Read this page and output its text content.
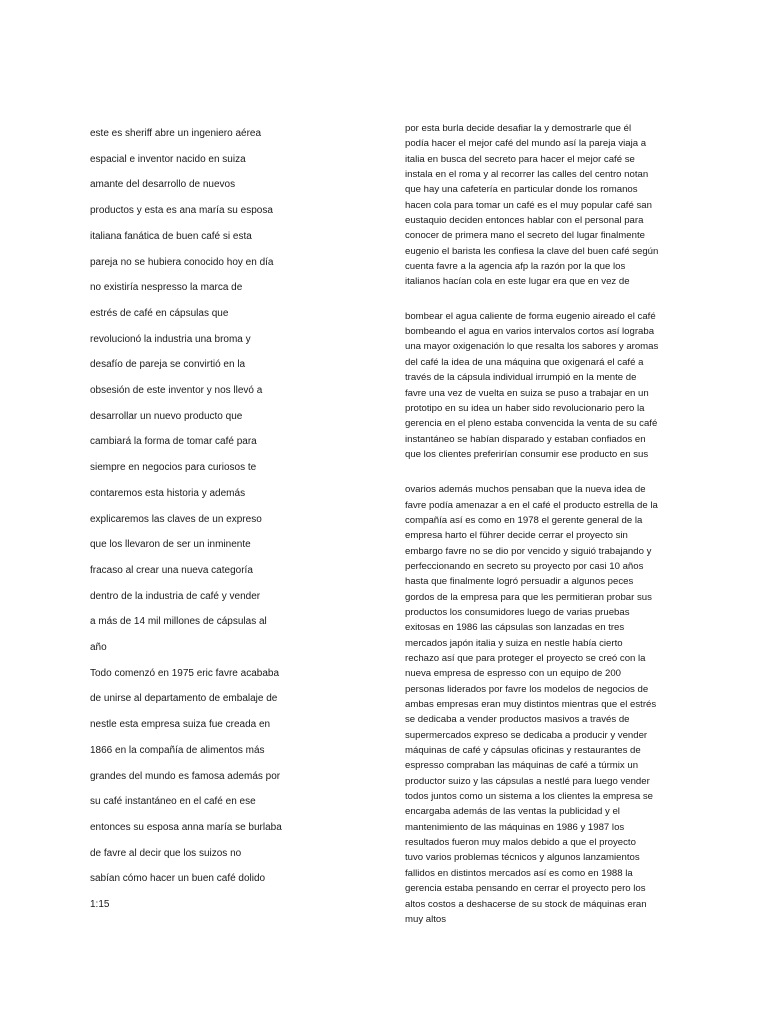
este es sheriff abre un ingeniero aérea
espacial e inventor nacido en suiza
amante del desarrollo de nuevos
productos y esta es ana maría su esposa
italiana fanática de buen café si esta
pareja no se hubiera conocido hoy en día
no existiría nespresso la marca de
estrés de café en cápsulas que
revolucionó la industria una broma y
desafío de pareja se convirtió en la
obsesión de este inventor y nos llevó a
desarrollar un nuevo producto que
cambiará la forma de tomar café para
siempre en negocios para curiosos te
contaremos esta historia y además
explicaremos las claves de un expreso
que los llevaron de ser un inminente
fracaso al crear una nueva categoría
dentro de la industria de café y vender
a más de 14 mil millones de cápsulas al
año
Todo comenzó en 1975 eric favre acababa
de unirse al departamento de embalaje de
nestle esta empresa suiza fue creada en
1866 en la compañía de alimentos más
grandes del mundo es famosa además por
su café instantáneo en el café en ese
entonces su esposa anna maría se burlaba
de favre al decir que los suizos no
sabían cómo hacer un buen café dolido
1:15
por esta burla decide desafiar la y demostrarle que él
podía hacer el mejor café del mundo así la pareja viaja a
italia en busca del secreto para hacer el mejor café se
instala en el roma y al recorrer las calles del centro notan
que hay una cafetería en particular donde los romanos
hacen cola para tomar un café es el muy popular café san
eustaquio deciden entonces hablar con el personal para
conocer de primera mano el secreto del lugar finalmente
eugenio el barista les confiesa la clave del buen café según
cuenta favre a la agencia afp la razón por la que los
italianos hacían cola en este lugar era que en vez de
bombear el agua caliente de forma eugenio aireado el café
bombeando el agua en varios intervalos cortos así lograba
una mayor oxigenación lo que resalta los sabores y aromas
del café la idea de una máquina que oxigenará el café a
través de la cápsula individual irrumpió en la mente de
favre una vez de vuelta en suiza se puso a trabajar en un
prototipo en su idea un haber sido revolucionario pero la
gerencia en el pleno estaba convencida la venta de su café
instantáneo se habían disparado y estaban confiados en
que los clientes preferirían consumir ese producto en sus
ovarios además muchos pensaban que la nueva idea de
favre podía amenazar a en el café el producto estrella de la
compañía así es como en 1978 el gerente general de la
empresa harto el führer decide cerrar el proyecto sin
embargo favre no se dio por vencido y siguió trabajando y
perfeccionando en secreto su proyecto por casi 10 años
hasta que finalmente logró persuadir a algunos peces
gordos de la empresa para que les permitieran probar sus
productos los consumidores luego de varias pruebas
exitosas en 1986 las cápsulas son lanzadas en tres
mercados japón italia y suiza en nestle había cierto
rechazo así que para proteger el proyecto se creó con la
nueva empresa de espresso con un equipo de 200
personas liderados por favre los modelos de negocios de
ambas empresas eran muy distintos mientras que el estrés
se dedicaba a vender productos masivos a través de
supermercados expreso se dedicaba a producir y vender
máquinas de café y cápsulas oficinas y restaurantes de
espresso compraban las máquinas de café a túrmix un
productor suizo y las cápsulas a nestlé para luego vender
todos juntos como un sistema a los clientes la empresa se
encargaba además de las ventas la publicidad y el
mantenimiento de las máquinas en 1986 y 1987 los
resultados fueron muy malos debido a que el proyecto
tuvo varios problemas técnicos y algunos lanzamientos
fallidos en distintos mercados así es como en 1988 la
gerencia estaba pensando en cerrar el proyecto pero los
altos costos a deshacerse de su stock de máquinas eran
muy altos
